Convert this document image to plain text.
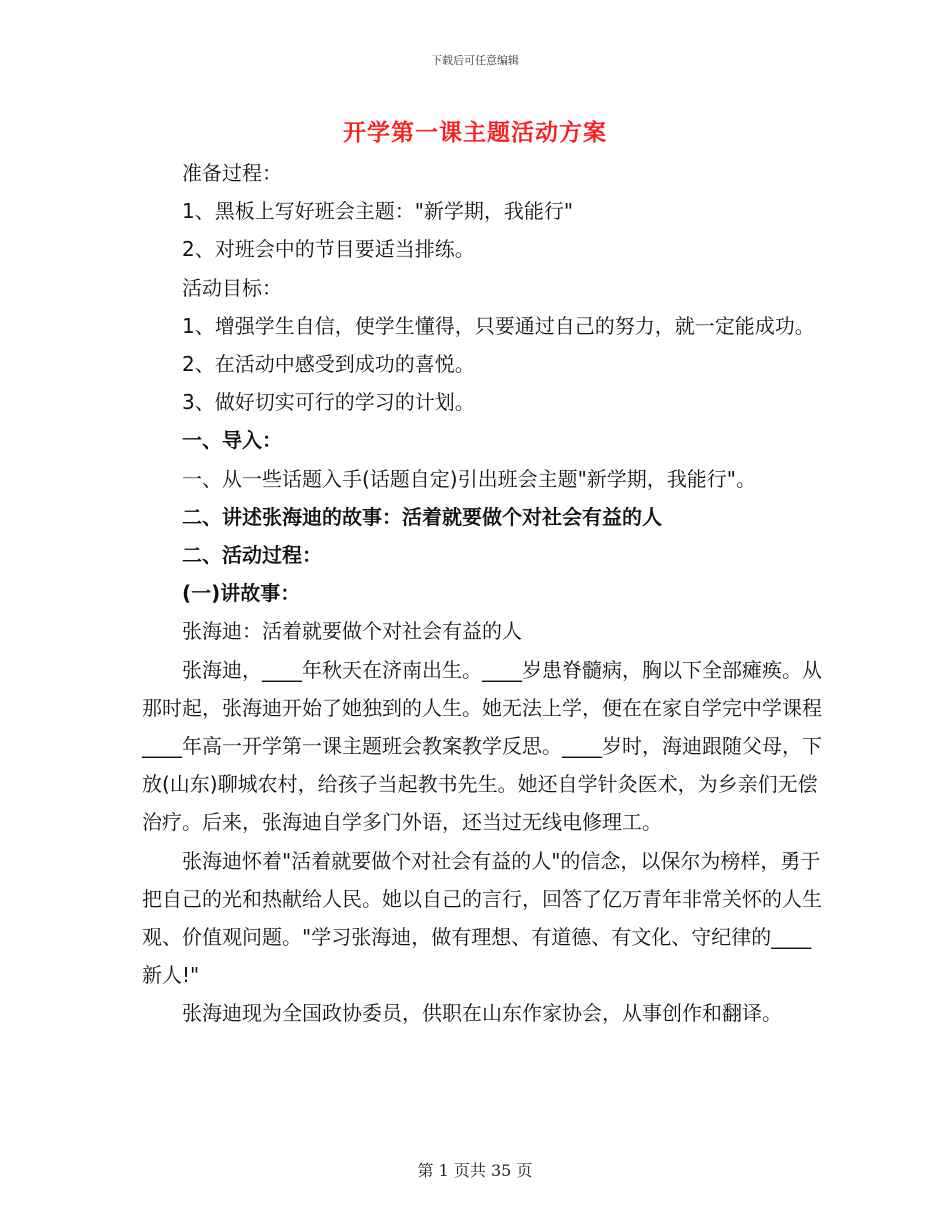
下载后可任意编辑
开学第一课主题活动方案

准备过程：

1、黑板上写好班会主题："新学期，我能行"

2、对班会中的节目要适当排练。

活动目标：

1、增强学生自信，使学生懂得，只要通过自己的努力，就一定能成功。

2、在活动中感受到成功的喜悦。

3、做好切实可行的学习的计划。

一、导入：

一、从一些话题入手(话题自定)引出班会主题"新学期，我能行"。

二、讲述张海迪的故事：活着就要做个对社会有益的人

二、活动过程：

(一)讲故事：

张海迪：活着就要做个对社会有益的人

张海迪，____年秋天在济南出生。____岁患脊髓病，胸以下全部瘫痪。从那时起，张海迪开始了她独到的人生。她无法上学，便在在家自学完中学课程____年高一开学第一课主题班会教案教学反思。____岁时，海迪跟随父母，下放(山东)聊城农村，给孩子当起教书先生。她还自学针灸医术，为乡亲们无偿治疗。后来，张海迪自学多门外语，还当过无线电修理工。

张海迪怀着"活着就要做个对社会有益的人"的信念，以保尔为榜样，勇于把自己的光和热献给人民。她以自己的言行，回答了亿万青年非常关怀的人生观、价值观问题。"学习张海迪，做有理想、有道德、有文化、守纪律的____新人!"

张海迪现为全国政协委员，供职在山东作家协会，从事创作和翻译。

第 1 页共 35 页
